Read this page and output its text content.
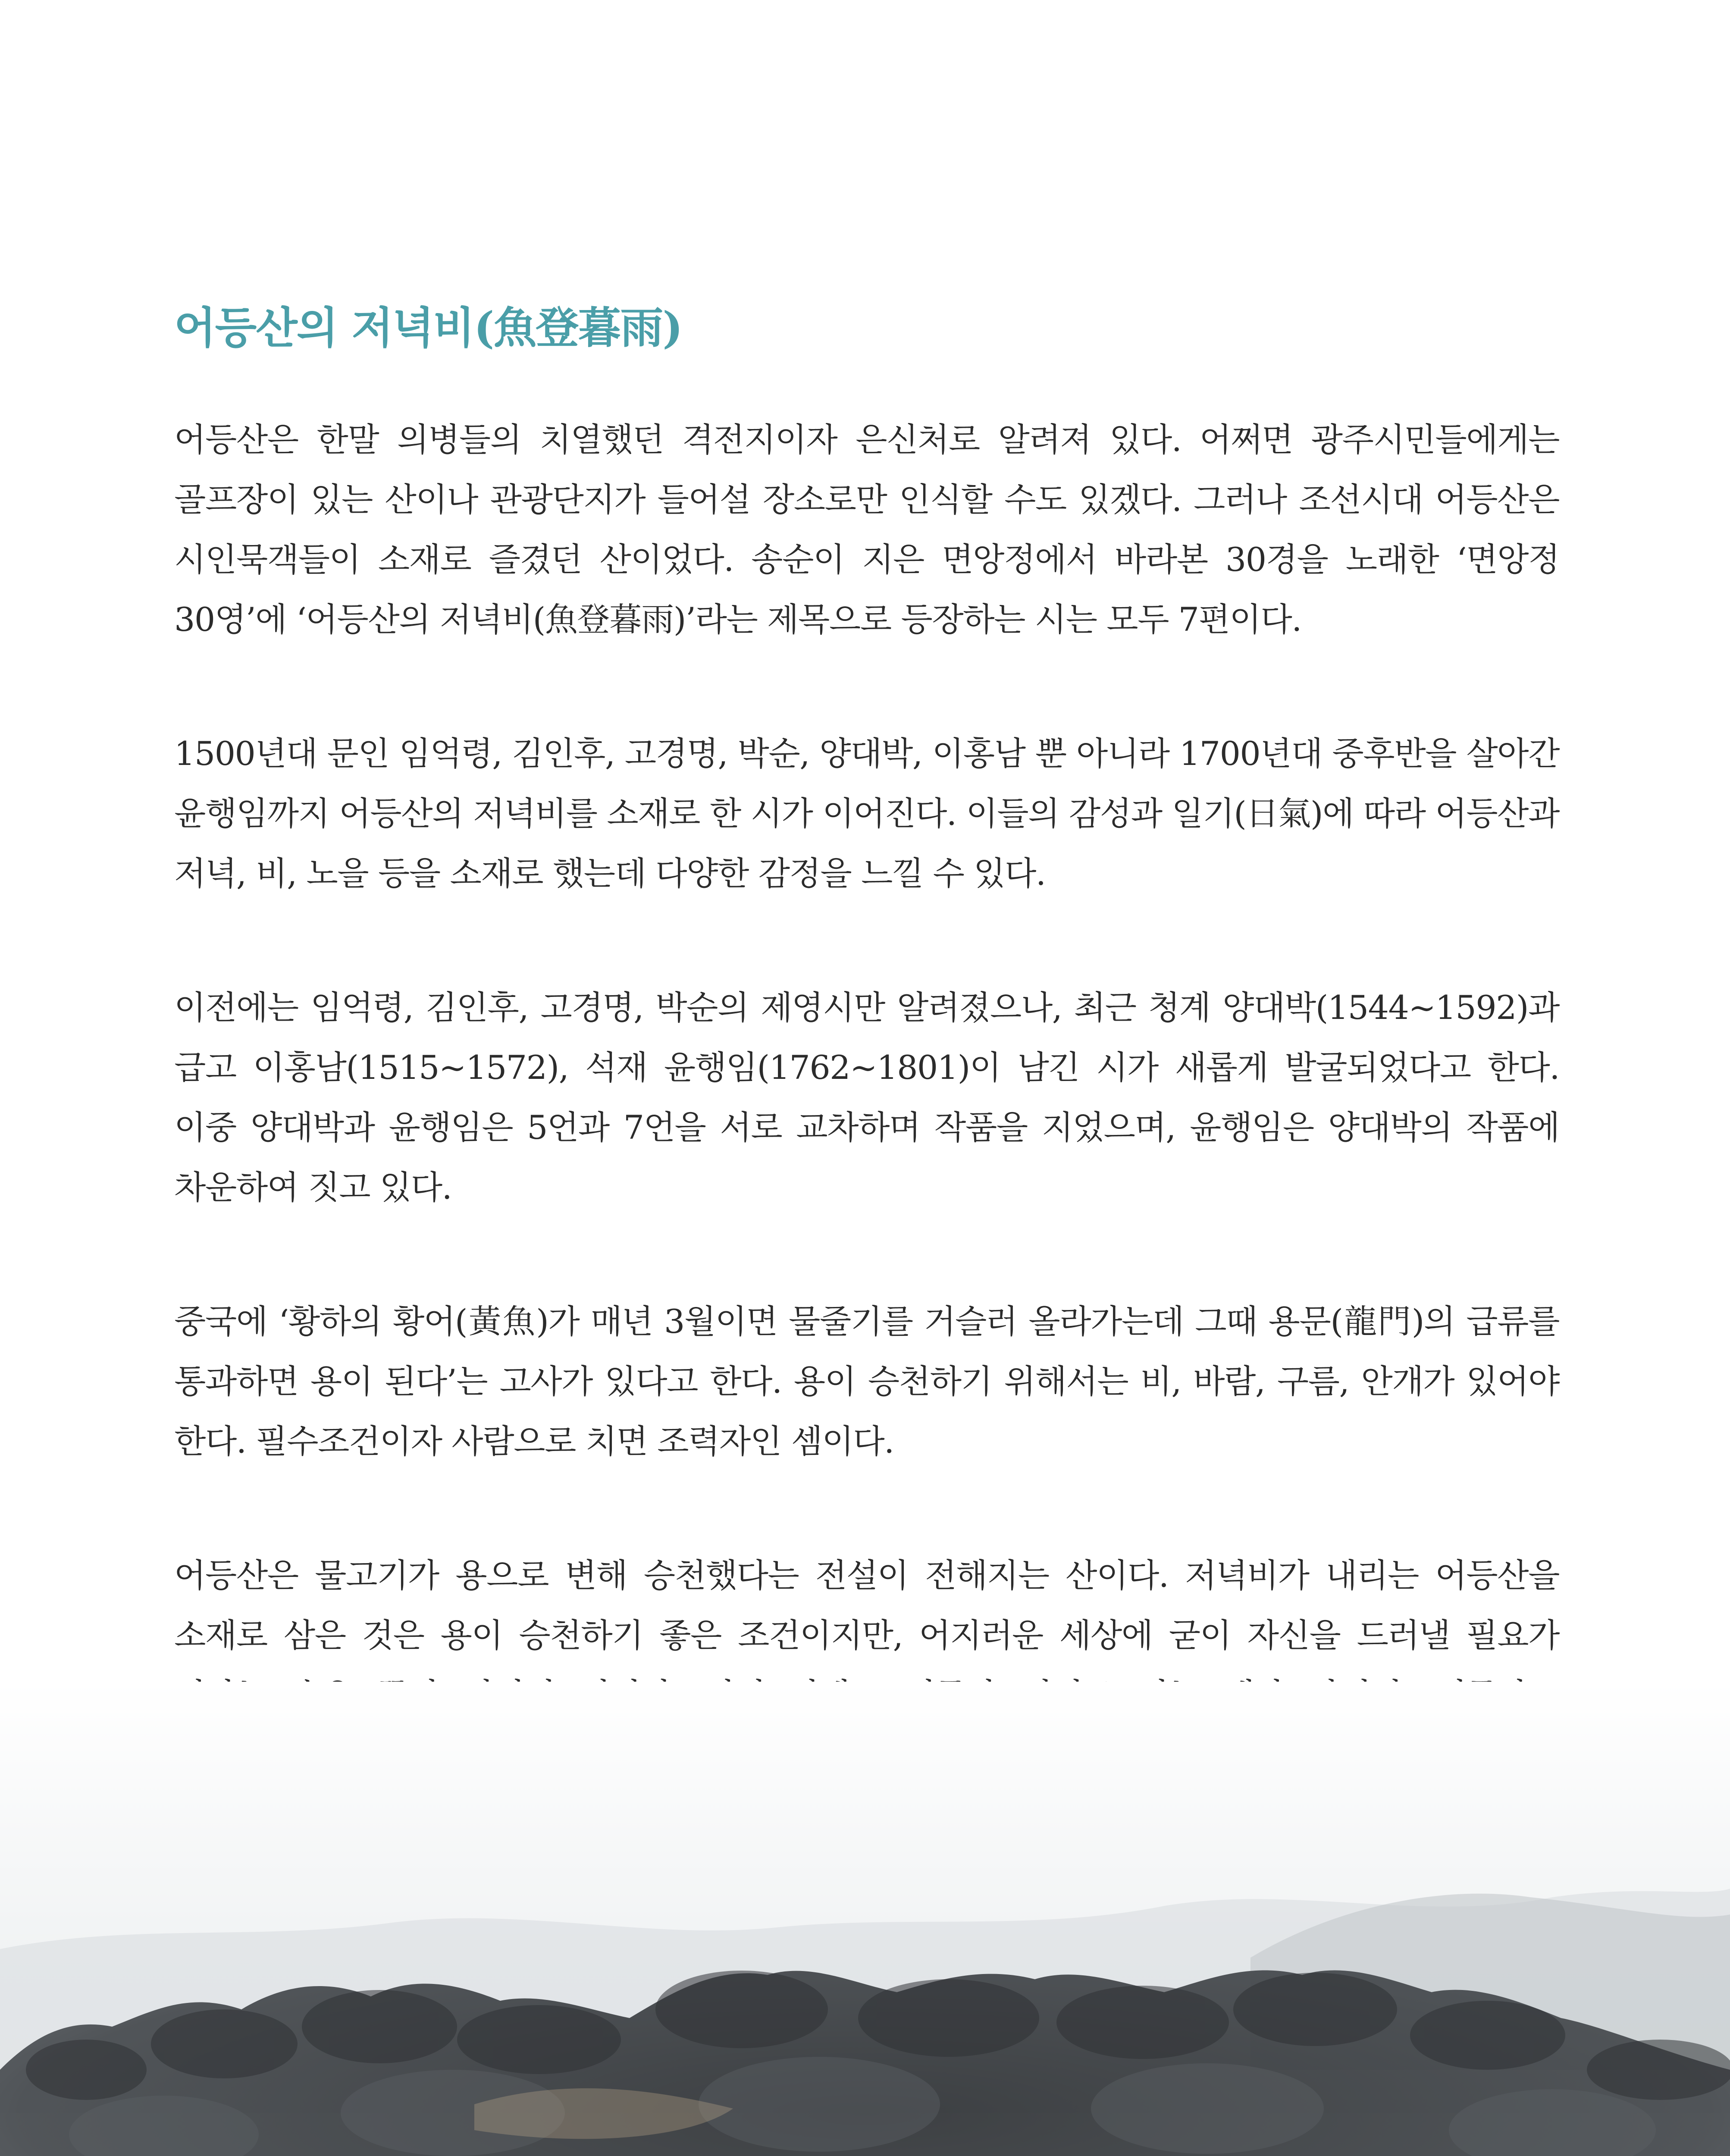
어등산의 저녁비(魚登暮雨)

어등산은 한말 의병들의 치열했던 격전지이자 은신처로 알려져 있다. 어쩌면 광주시민들에게는 골프장이 있는 산이나 관광단지가 들어설 장소로만 인식할 수도 있겠다. 그러나 조선시대 어등산은 시인묵객들이 소재로 즐겼던 산이었다. 송순이 지은 면앙정에서 바라본 30경을 노래한 ‘면앙정 30영’에 ‘어등산의 저녁비(魚登暮雨)’라는 제목으로 등장하는 시는 모두 7편이다.

1500년대 문인 임억령, 김인후, 고경명, 박순, 양대박, 이홍남 뿐 아니라 1700년대 중후반을 살아간 윤행임까지 어등산의 저녁비를 소재로 한 시가 이어진다. 이들의 감성과 일기(日氣)에 따라 어등산과 저녁, 비, 노을 등을 소재로 했는데 다양한 감정을 느낄 수 있다.

이전에는 임억령, 김인후, 고경명, 박순의 제영시만 알려졌으나, 최근 청계 양대박(1544~1592)과 급고 이홍남(1515~1572), 석재 윤행임(1762~1801)이 남긴 시가 새롭게 발굴되었다고 한다. 이중 양대박과 윤행임은 5언과 7언을 서로 교차하며 작품을 지었으며, 윤행임은 양대박의 작품에 차운하여 짓고 있다.

중국에 ‘황하의 황어(黃魚)가 매년 3월이면 물줄기를 거슬러 올라가는데 그때 용문(龍門)의 급류를 통과하면 용이 된다’는 고사가 있다고 한다. 용이 승천하기 위해서는 비, 바람, 구름, 안개가 있어야 한다. 필수조건이자 사람으로 치면 조력자인 셈이다.

어등산은 물고기가 용으로 변해 승천했다는 전설이 전해지는 산이다. 저녁비가 내리는 어등산을 소재로 삼은 것은 용이 승천하기 좋은 조건이지만, 어지러운 세상에 굳이 자신을 드러낼 필요가
